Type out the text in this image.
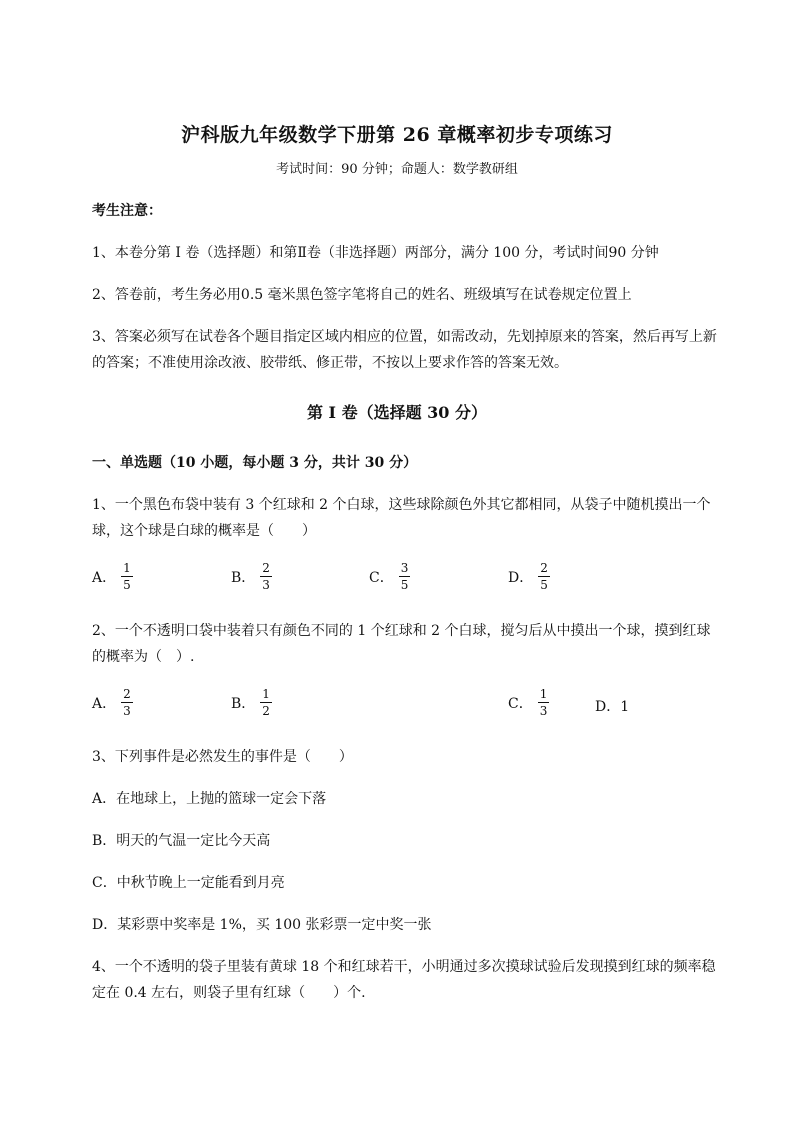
沪科版九年级数学下册第 26 章概率初步专项练习
考试时间：90 分钟；命题人：数学教研组
考生注意：
1、本卷分第 I 卷（选择题）和第Ⅱ卷（非选择题）两部分，满分 100 分，考试时间90 分钟
2、答卷前，考生务必用0.5 毫米黑色签字笔将自己的姓名、班级填写在试卷规定位置上
3、答案必须写在试卷各个题目指定区域内相应的位置，如需改动，先划掉原来的答案，然后再写上新
的答案；不准使用涂改液、胶带纸、修正带，不按以上要求作答的答案无效。
第 I 卷（选择题 30 分）
一、单选题（10 小题，每小题 3 分，共计 30 分）
1、一个黑色布袋中装有 3 个红球和 2 个白球，这些球除颜色外其它都相同，从袋子中随机摸出一个
球，这个球是白球的概率是（　　）
A． $\frac{1}{5}$	B． $\frac{2}{3}$	C． $\frac{3}{5}$	D． $\frac{2}{5}$
2、一个不透明口袋中装着只有颜色不同的 1 个红球和 2 个白球，搅匀后从中摸出一个球，摸到红球
的概率为（　）.
A． $\frac{2}{3}$	B． $\frac{1}{2}$	C． $\frac{1}{3}$	D．1
3、下列事件是必然发生的事件是（　　）
A．在地球上，上抛的篮球一定会下落
B．明天的气温一定比今天高
C．中秋节晚上一定能看到月亮
D．某彩票中奖率是 1%，买 100 张彩票一定中奖一张
4、一个不透明的袋子里装有黄球 18 个和红球若干，小明通过多次摸球试验后发现摸到红球的频率稳
定在 0.4 左右，则袋子里有红球（　　）个.
